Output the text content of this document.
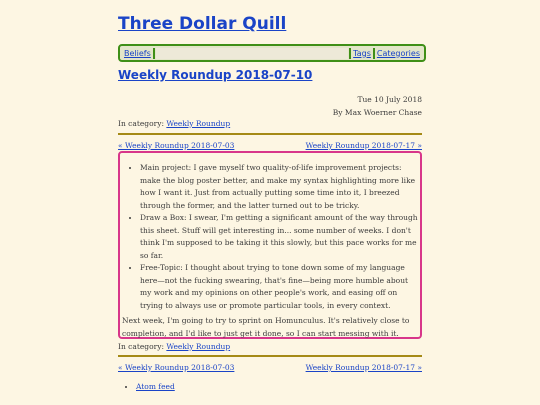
Three Dollar Quill
Beliefs	Tags Categories
Weekly Roundup 2018-07-10
Tue 10 July 2018
By Max Woerner Chase
In category: Weekly Roundup
« Weekly Roundup 2018-07-03	Weekly Roundup 2018-07-17 »
• Main project: I gave myself two quality-of-life improvement projects: make the blog poster better, and make my syntax highlighting more like how I want it. Just from actually putting some time into it, I breezed through the former, and the latter turned out to be tricky.
• Draw a Box: I swear, I'm getting a significant amount of the way through this sheet. Stuff will get interesting in... some number of weeks. I don't think I'm supposed to be taking it this slowly, but this pace works for me so far.
• Free-Topic: I thought about trying to tone down some of my language here—not the fucking swearing, that's fine—being more humble about my work and my opinions on other people's work, and easing off on trying to always use or promote particular tools, in every context.

Next week, I'm going to try to sprint on Homunculus. It's relatively close to completion, and I'd like to just get it done, so I can start messing with it.

In category: Weekly Roundup
« Weekly Roundup 2018-07-03	Weekly Roundup 2018-07-17 »
• Atom feed
